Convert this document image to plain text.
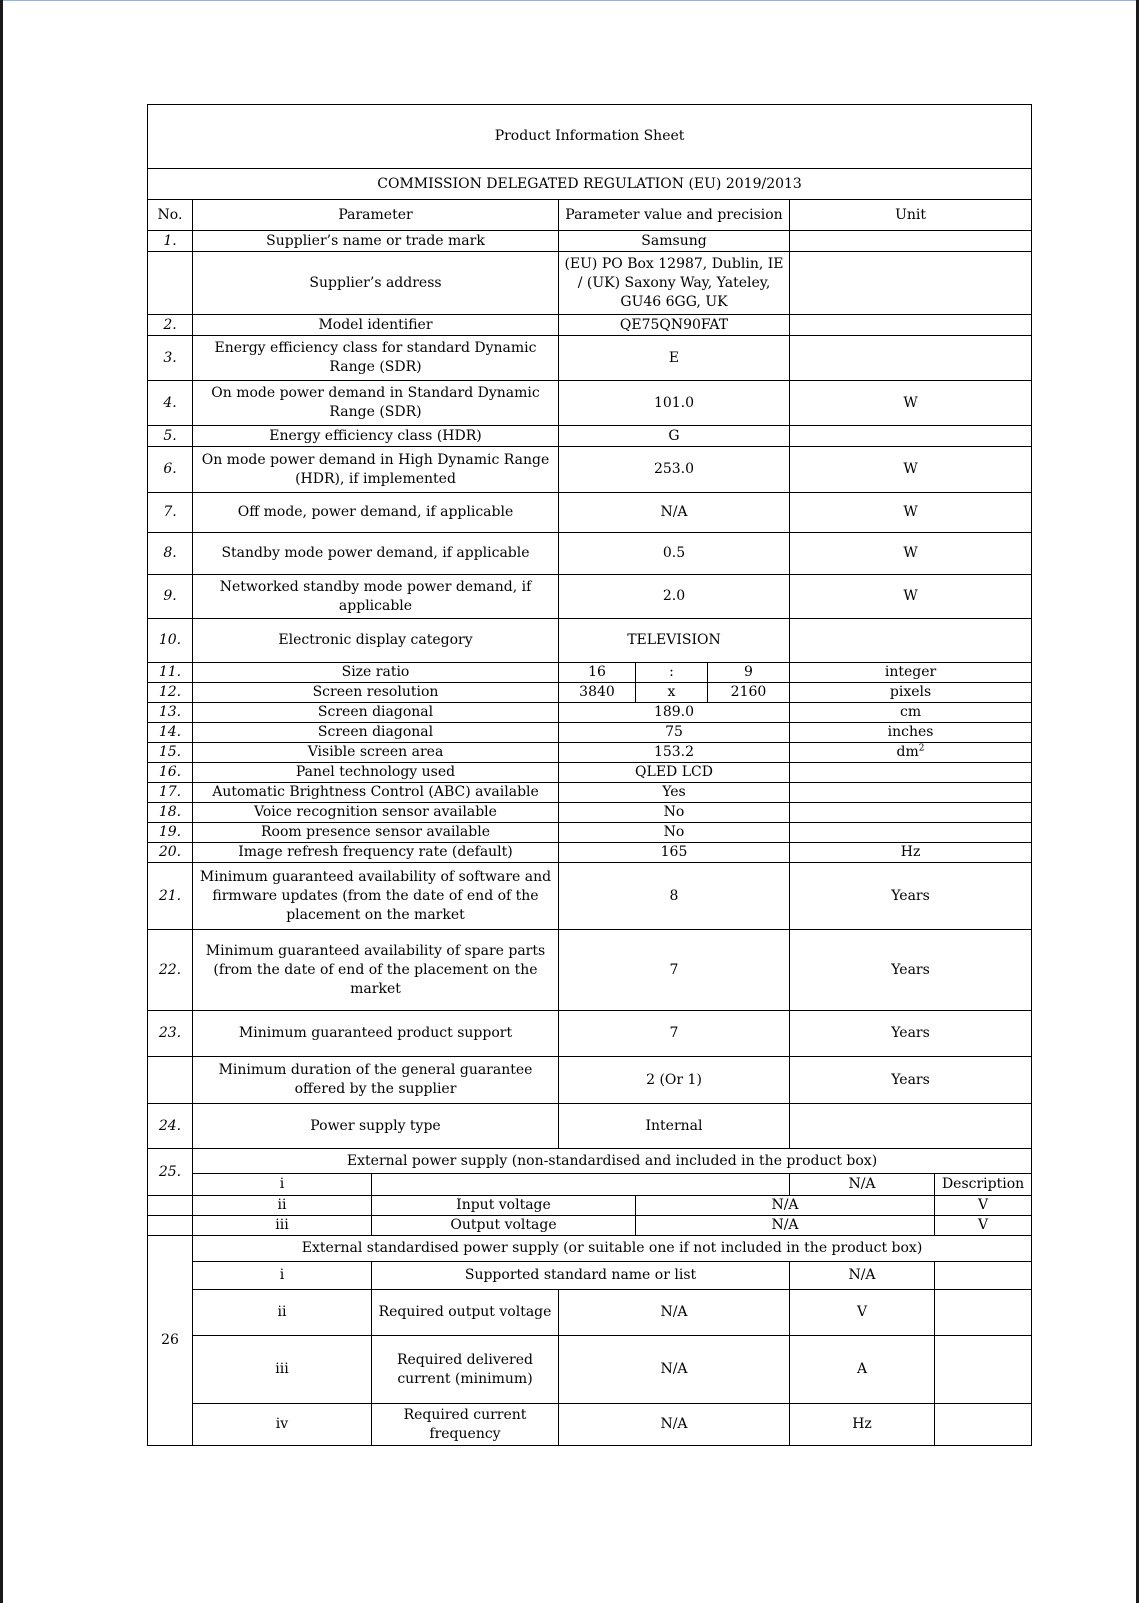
Product Information Sheet								
COMMISSION DELEGATED REGULATION (EU) 2019/2013								
No.	Parameter		Parameter value and precision			Unit		
1.	Supplier’s name or trade mark		Samsung					
	Supplier’s address		(EU) PO Box 12987, Dublin, IE / (UK) Saxony Way, Yateley, GU46 6GG, UK					
2.	Model identifier		QE75QN90FAT					
3.	Energy efficiency class for standard Dynamic Range (SDR)		E					
4.	On mode power demand in Standard Dynamic Range (SDR)		101.0			W		
5.	Energy efficiency class (HDR)		G					
6.	On mode power demand in High Dynamic Range (HDR), if implemented		253.0			W		
7.	Off mode, power demand, if applicable		N/A			W		
8.	Standby mode power demand, if applicable		0.5			W		
9.	Networked standby mode power demand, if applicable		2.0			W		
10.	Electronic display category		TELEVISION					
11.	Size ratio		16	:	9	integer		
12.	Screen resolution		3840	x	2160	pixels		
13.	Screen diagonal		189.0			cm		
14.	Screen diagonal		75			inches		
15.	Visible screen area		153.2			$dm^2$
16.	Panel technology used		QLED LCD					
17.	Automatic Brightness Control (ABC) available		Yes					
18.	Voice recognition sensor available		No					
19.	Room presence sensor available		No					
20.	Image refresh frequency rate (default)		165			Hz		
21.	Minimum guaranteed availability of software and firmware updates (from the date of end of the placement on the market		8			Years		
22.	Minimum guaranteed availability of spare parts (from the date of end of the placement on the market		7			Years		
23.	Minimum guaranteed product support		7			Years		
	Minimum duration of the general guarantee offered by the supplier		2 (Or 1)			Years		
24.	Power supply type		Internal					
25.	External power supply (non-standardised and included in the product box)							
	i					N/A	Description	
	ii	Input voltage		N/A			V	
	iii	Output voltage		N/A			V	
26	External standardised power supply (or suitable one if not included in the product box)							
	i	Supported standard name or list				N/A		
	ii	Required output voltage	N/A			V		
	iii	Required delivered current (minimum)	N/A			A		
	iv	Required current frequency	N/A			Hz		
